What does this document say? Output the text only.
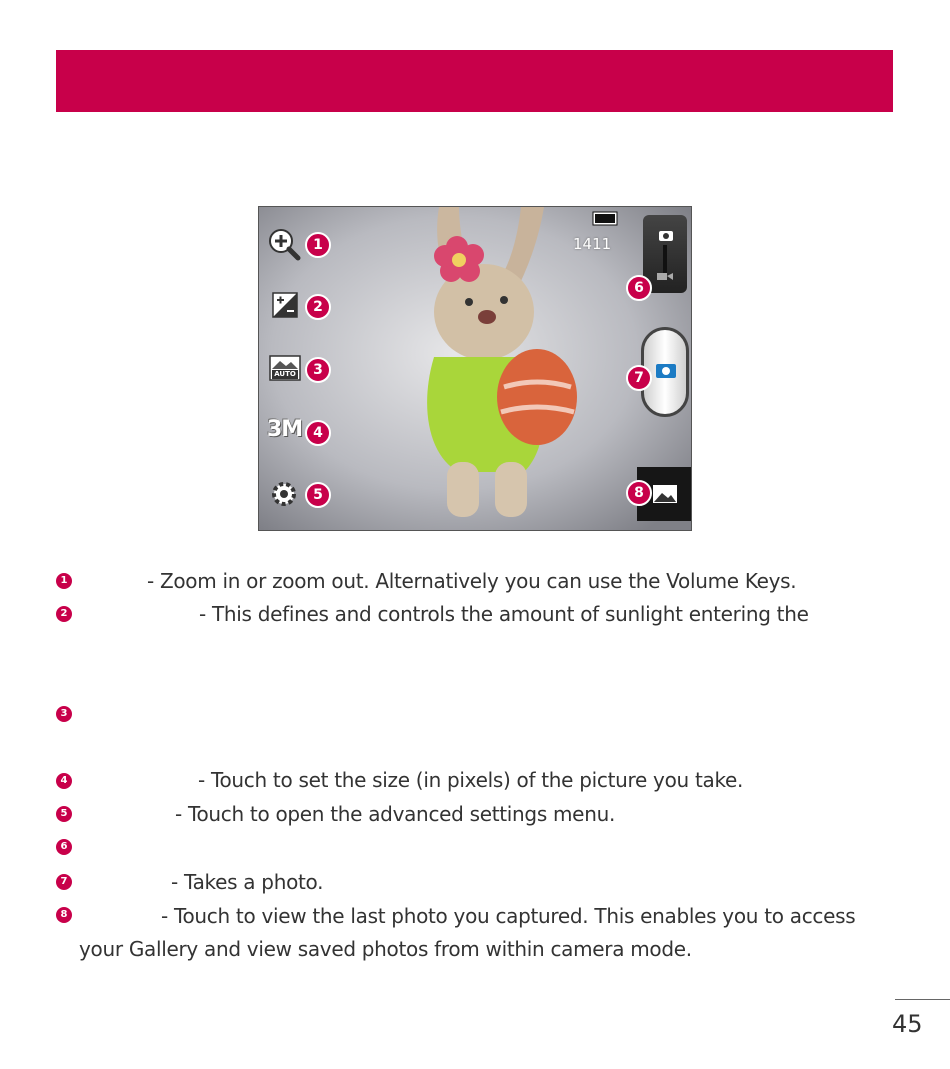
1
2
AUTO	3
3M 4
5
1411
6
7
8
1	- Zoom in or zoom out. Alternatively you can use the Volume Keys.
2	- This defines and controls the amount of sunlight entering the
3
4	- Touch to set the size (in pixels) of the picture you take.
5	- Touch to open the advanced settings menu.
6
7	- Takes a photo.
8	- Touch to view the last photo you captured. This enables you to access
your Gallery and view saved photos from within camera mode.
45
